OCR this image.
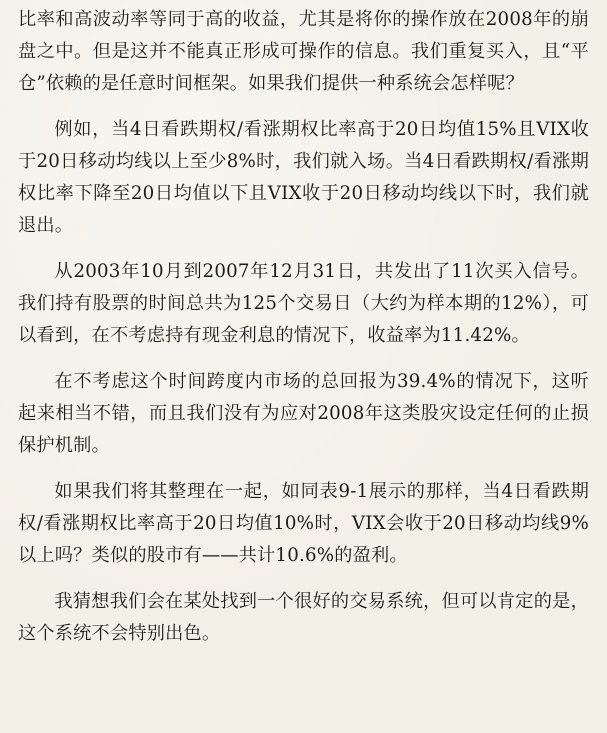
比率和高波动率等同于高的收益，尤其是将你的操作放在2008年的崩盘之中。但是这并不能真正形成可操作的信息。我们重复买入，且“平仓”依赖的是任意时间框架。如果我们提供一种系统会怎样呢？

例如，当4日看跌期权/看涨期权比率高于20日均值15%且VIX收于20日移动均线以上至少8%时，我们就入场。当4日看跌期权/看涨期权比率下降至20日均值以下且VIX收于20日移动均线以下时，我们就退出。

从2003年10月到2007年12月31日，共发出了11次买入信号。我们持有股票的时间总共为125个交易日（大约为样本期的12%），可以看到，在不考虑持有现金利息的情况下，收益率为11.42%。

在不考虑这个时间跨度内市场的总回报为39.4%的情况下，这听起来相当不错，而且我们没有为应对2008年这类股灾设定任何的止损保护机制。

如果我们将其整理在一起，如同表9-1展示的那样，当4日看跌期权/看涨期权比率高于20日均值10%时，VIX会收于20日移动均线9%以上吗？类似的股市有——共计10.6%的盈利。

我猜想我们会在某处找到一个很好的交易系统，但可以肯定的是，这个系统不会特别出色。
